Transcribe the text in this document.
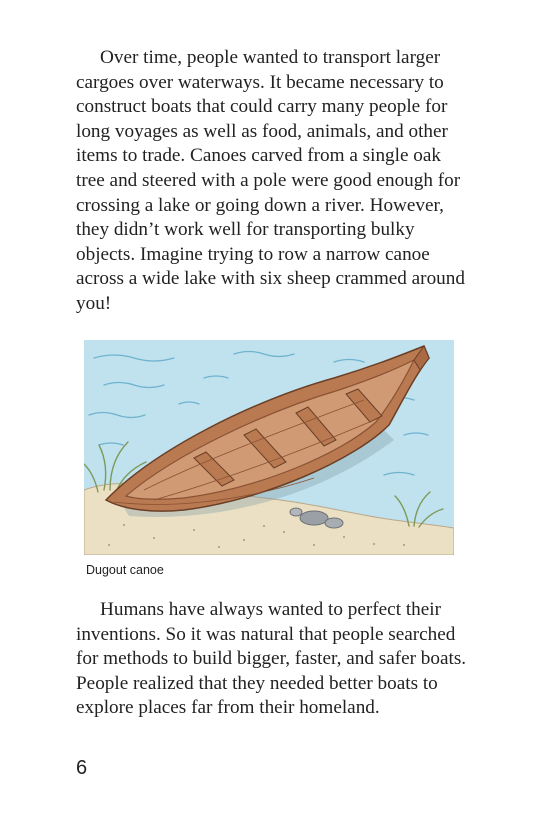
Over time, people wanted to transport larger cargoes over waterways. It became necessary to construct boats that could carry many people for long voyages as well as food, animals, and other items to trade. Canoes carved from a single oak tree and steered with a pole were good enough for crossing a lake or going down a river. However, they didn’t work well for transporting bulky objects. Imagine trying to row a narrow canoe across a wide lake with six sheep crammed around you!

Dugout canoe

Humans have always wanted to perfect their inventions. So it was natural that people searched for methods to build bigger, faster, and safer boats. People realized that they needed better boats to explore places far from their homeland.

6
